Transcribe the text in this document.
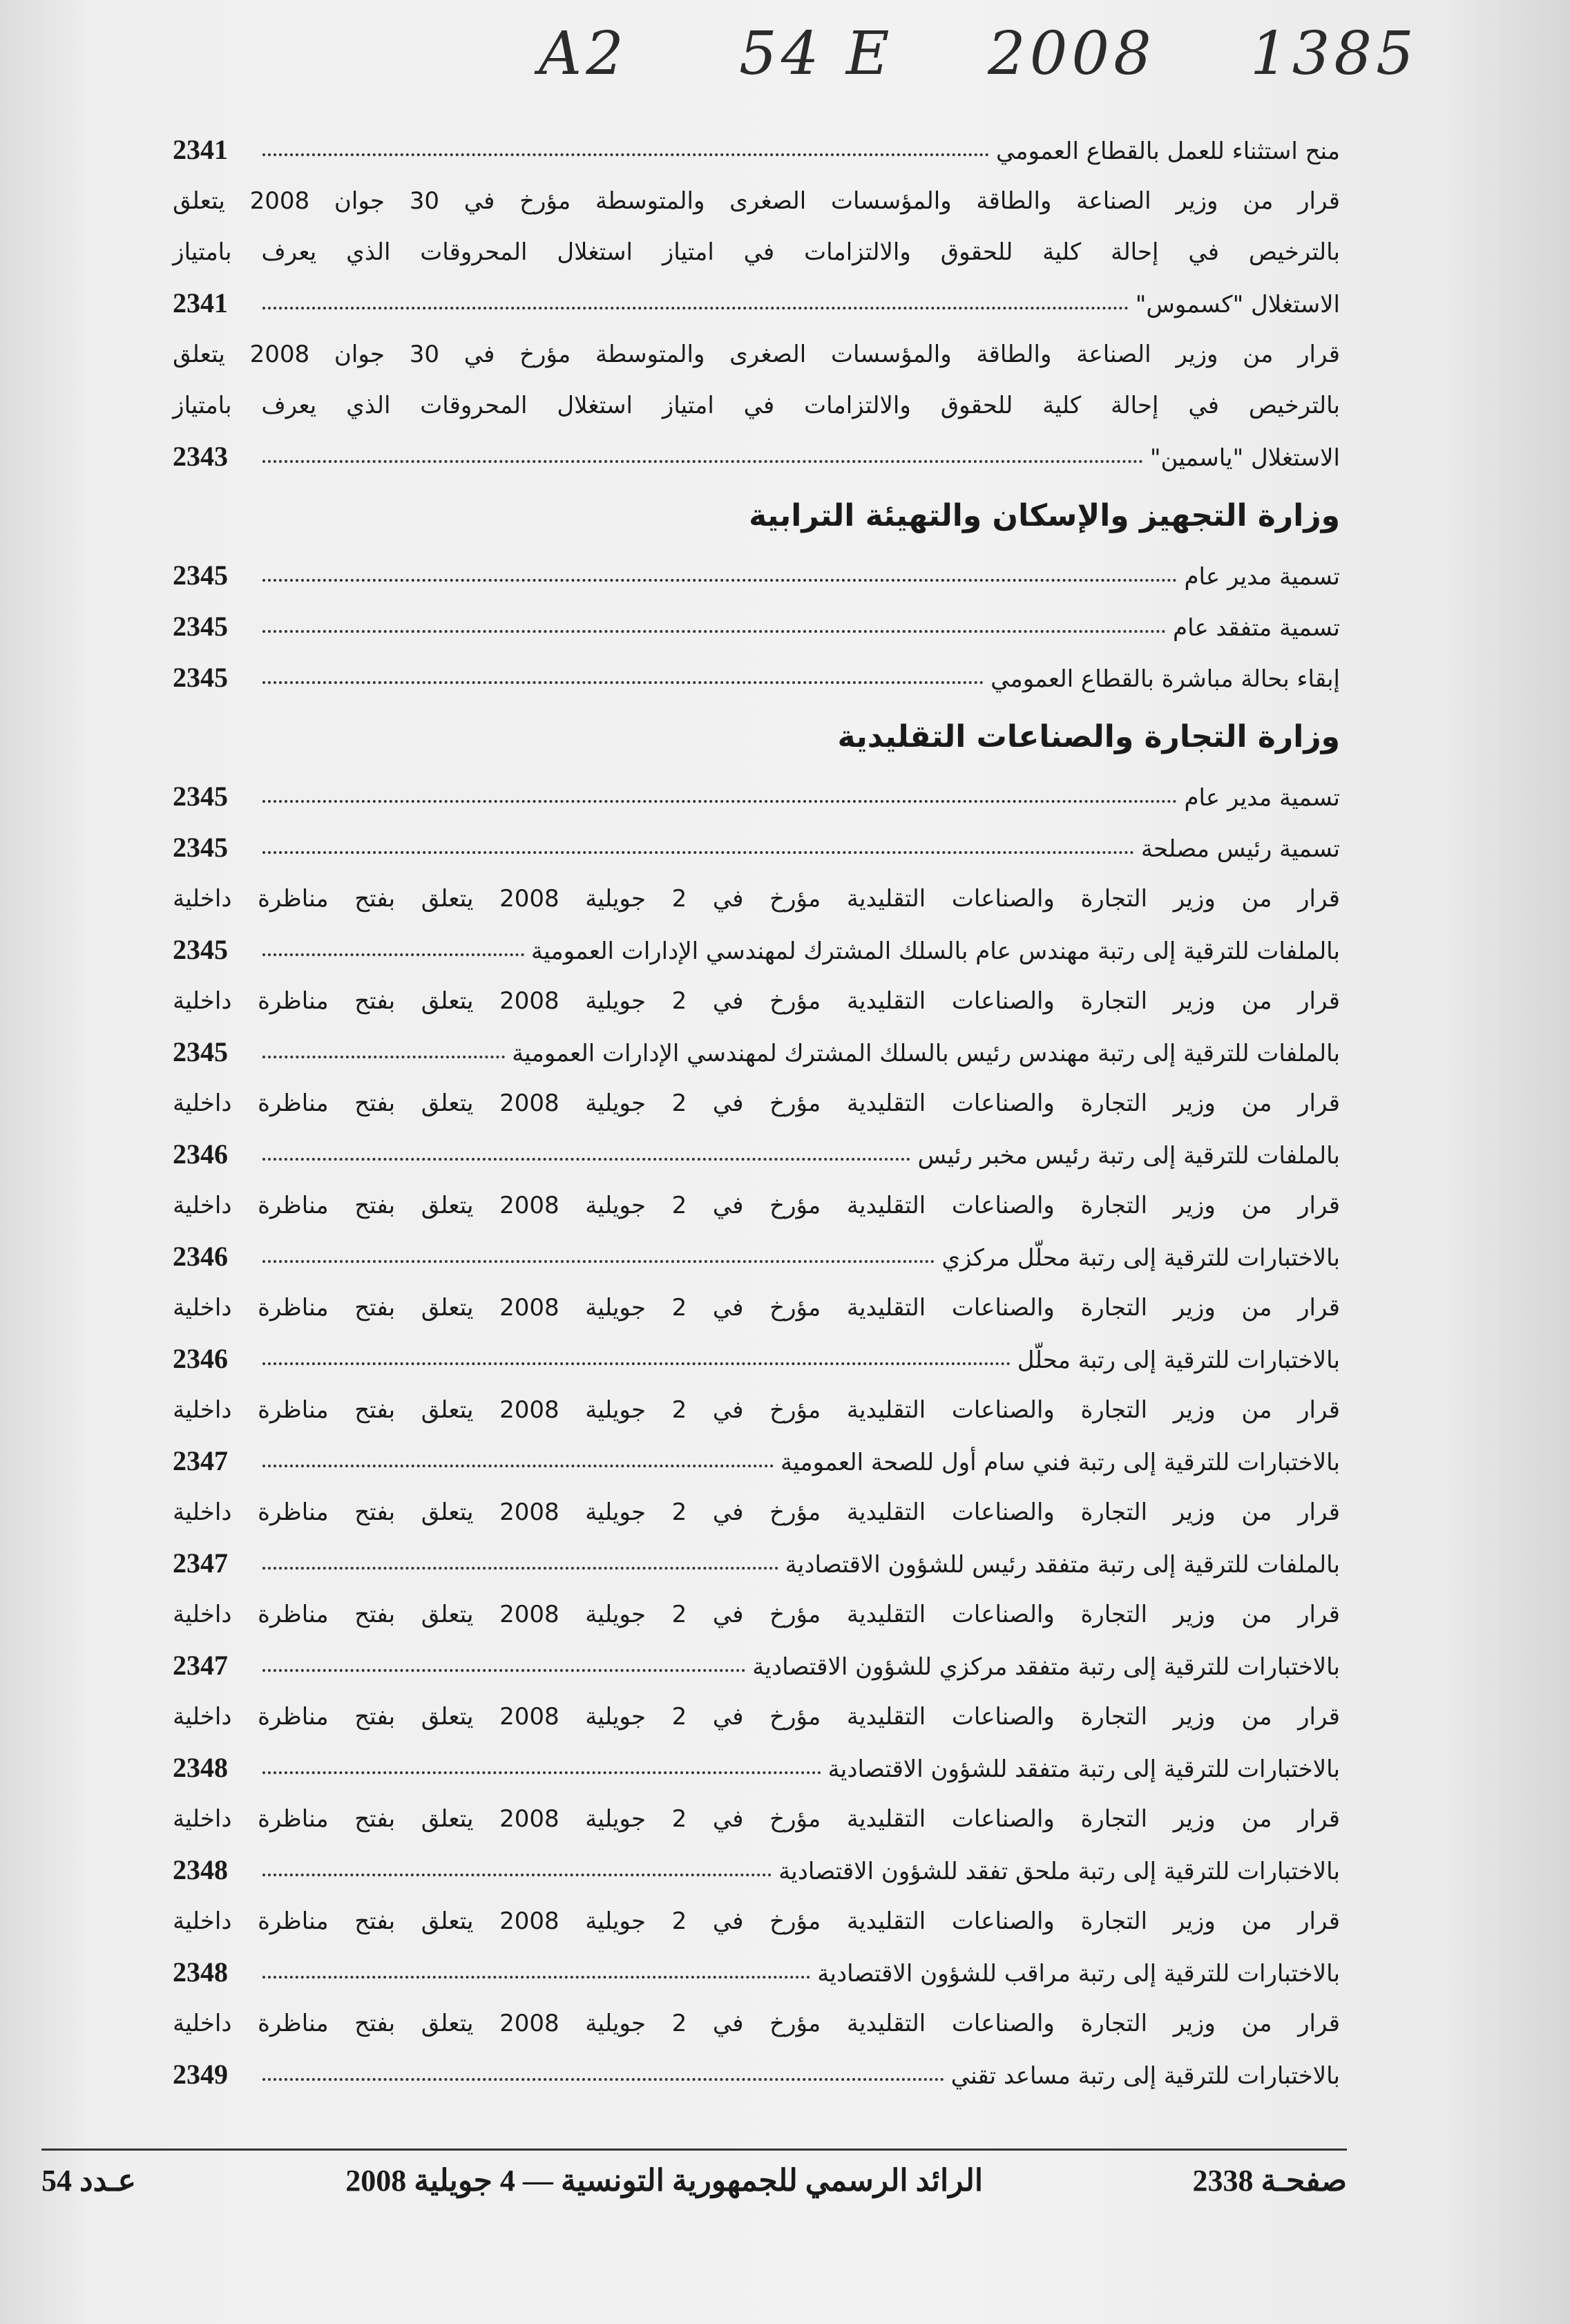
A2 54 E 2008 1385
منح استثناء للعمل بالقطاع العمومي
2341
قرار
من
وزير
الصناعة
والطاقة
والمؤسسات
الصغرى
والمتوسطة
مؤرخ
في
30
جوان
2008
يتعلق
بالترخيص
في
إحالة
كلية
للحقوق
والالتزامات
في
امتياز
استغلال
المحروقات
الذي
يعرف
بامتياز
الاستغلال "كسموس"
2341
قرار
من
وزير
الصناعة
والطاقة
والمؤسسات
الصغرى
والمتوسطة
مؤرخ
في
30
جوان
2008
يتعلق
بالترخيص
في
إحالة
كلية
للحقوق
والالتزامات
في
امتياز
استغلال
المحروقات
الذي
يعرف
بامتياز
الاستغلال "ياسمين"
2343
وزارة التجهيز والإسكان والتهيئة الترابية
تسمية مدير عام
2345
تسمية متفقد عام
2345
إبقاء بحالة مباشرة بالقطاع العمومي
2345
وزارة التجارة والصناعات التقليدية
تسمية مدير عام
2345
تسمية رئيس مصلحة
2345
قرار
من
وزير
التجارة
والصناعات
التقليدية
مؤرخ
في
2
جويلية
2008
يتعلق
بفتح
مناظرة
داخلية
بالملفات للترقية إلى رتبة مهندس عام بالسلك المشترك لمهندسي الإدارات العمومية
2345
قرار
من
وزير
التجارة
والصناعات
التقليدية
مؤرخ
في
2
جويلية
2008
يتعلق
بفتح
مناظرة
داخلية
بالملفات للترقية إلى رتبة مهندس رئيس بالسلك المشترك لمهندسي الإدارات العمومية
2345
قرار
من
وزير
التجارة
والصناعات
التقليدية
مؤرخ
في
2
جويلية
2008
يتعلق
بفتح
مناظرة
داخلية
بالملفات للترقية إلى رتبة رئيس مخبر رئيس
2346
قرار
من
وزير
التجارة
والصناعات
التقليدية
مؤرخ
في
2
جويلية
2008
يتعلق
بفتح
مناظرة
داخلية
بالاختبارات للترقية إلى رتبة محلّل مركزي
2346
قرار
من
وزير
التجارة
والصناعات
التقليدية
مؤرخ
في
2
جويلية
2008
يتعلق
بفتح
مناظرة
داخلية
بالاختبارات للترقية إلى رتبة محلّل
2346
قرار
من
وزير
التجارة
والصناعات
التقليدية
مؤرخ
في
2
جويلية
2008
يتعلق
بفتح
مناظرة
داخلية
بالاختبارات للترقية إلى رتبة فني سام أول للصحة العمومية
2347
قرار
من
وزير
التجارة
والصناعات
التقليدية
مؤرخ
في
2
جويلية
2008
يتعلق
بفتح
مناظرة
داخلية
بالملفات للترقية إلى رتبة متفقد رئيس للشؤون الاقتصادية
2347
قرار
من
وزير
التجارة
والصناعات
التقليدية
مؤرخ
في
2
جويلية
2008
يتعلق
بفتح
مناظرة
داخلية
بالاختبارات للترقية إلى رتبة متفقد مركزي للشؤون الاقتصادية
2347
قرار
من
وزير
التجارة
والصناعات
التقليدية
مؤرخ
في
2
جويلية
2008
يتعلق
بفتح
مناظرة
داخلية
بالاختبارات للترقية إلى رتبة متفقد للشؤون الاقتصادية
2348
قرار
من
وزير
التجارة
والصناعات
التقليدية
مؤرخ
في
2
جويلية
2008
يتعلق
بفتح
مناظرة
داخلية
بالاختبارات للترقية إلى رتبة ملحق تفقد للشؤون الاقتصادية
2348
قرار
من
وزير
التجارة
والصناعات
التقليدية
مؤرخ
في
2
جويلية
2008
يتعلق
بفتح
مناظرة
داخلية
بالاختبارات للترقية إلى رتبة مراقب للشؤون الاقتصادية
2348
قرار
من
وزير
التجارة
والصناعات
التقليدية
مؤرخ
في
2
جويلية
2008
يتعلق
بفتح
مناظرة
داخلية
بالاختبارات للترقية إلى رتبة مساعد تقني
2349
عـدد 54	الرائد الرسمي للجمهورية التونسية — 4 جويلية 2008	صفحـة 2338
